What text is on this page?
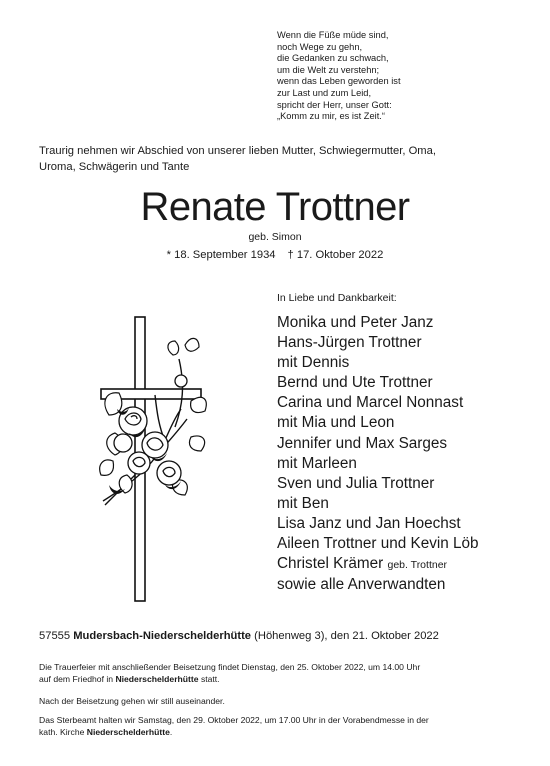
Wenn die Füße müde sind,
noch Wege zu gehn,
die Gedanken zu schwach,
um die Welt zu verstehn;
wenn das Leben geworden ist
zur Last und zum Leid,
spricht der Herr, unser Gott:
„Komm zu mir, es ist Zeit.“
Traurig nehmen wir Abschied von unserer lieben Mutter, Schwiegermutter, Oma,
Uroma, Schwägerin und Tante
Renate Trottner
geb. Simon
* 18. September 1934 † 17. Oktober 2022
In Liebe und Dankbarkeit:
Monika und Peter Janz
Hans-Jürgen Trottner
mit Dennis
Bernd und Ute Trottner
Carina und Marcel Nonnast
mit Mia und Leon
Jennifer und Max Sarges
mit Marleen
Sven und Julia Trottner
mit Ben
Lisa Janz und Jan Hoechst
Aileen Trottner und Kevin Löb
Christel Krämer geb. Trottner
sowie alle Anverwandten
57555 Mudersbach-Niederschelderhütte (Höhenweg 3), den 21. Oktober 2022
Die Trauerfeier mit anschließender Beisetzung findet Dienstag, den 25. Oktober 2022, um 14.00 Uhr
auf dem Friedhof in Niederschelderhütte statt.
Nach der Beisetzung gehen wir still auseinander.
Das Sterbeamt halten wir Samstag, den 29. Oktober 2022, um 17.00 Uhr in der Vorabendmesse in der
kath. Kirche Niederschelderhütte.
